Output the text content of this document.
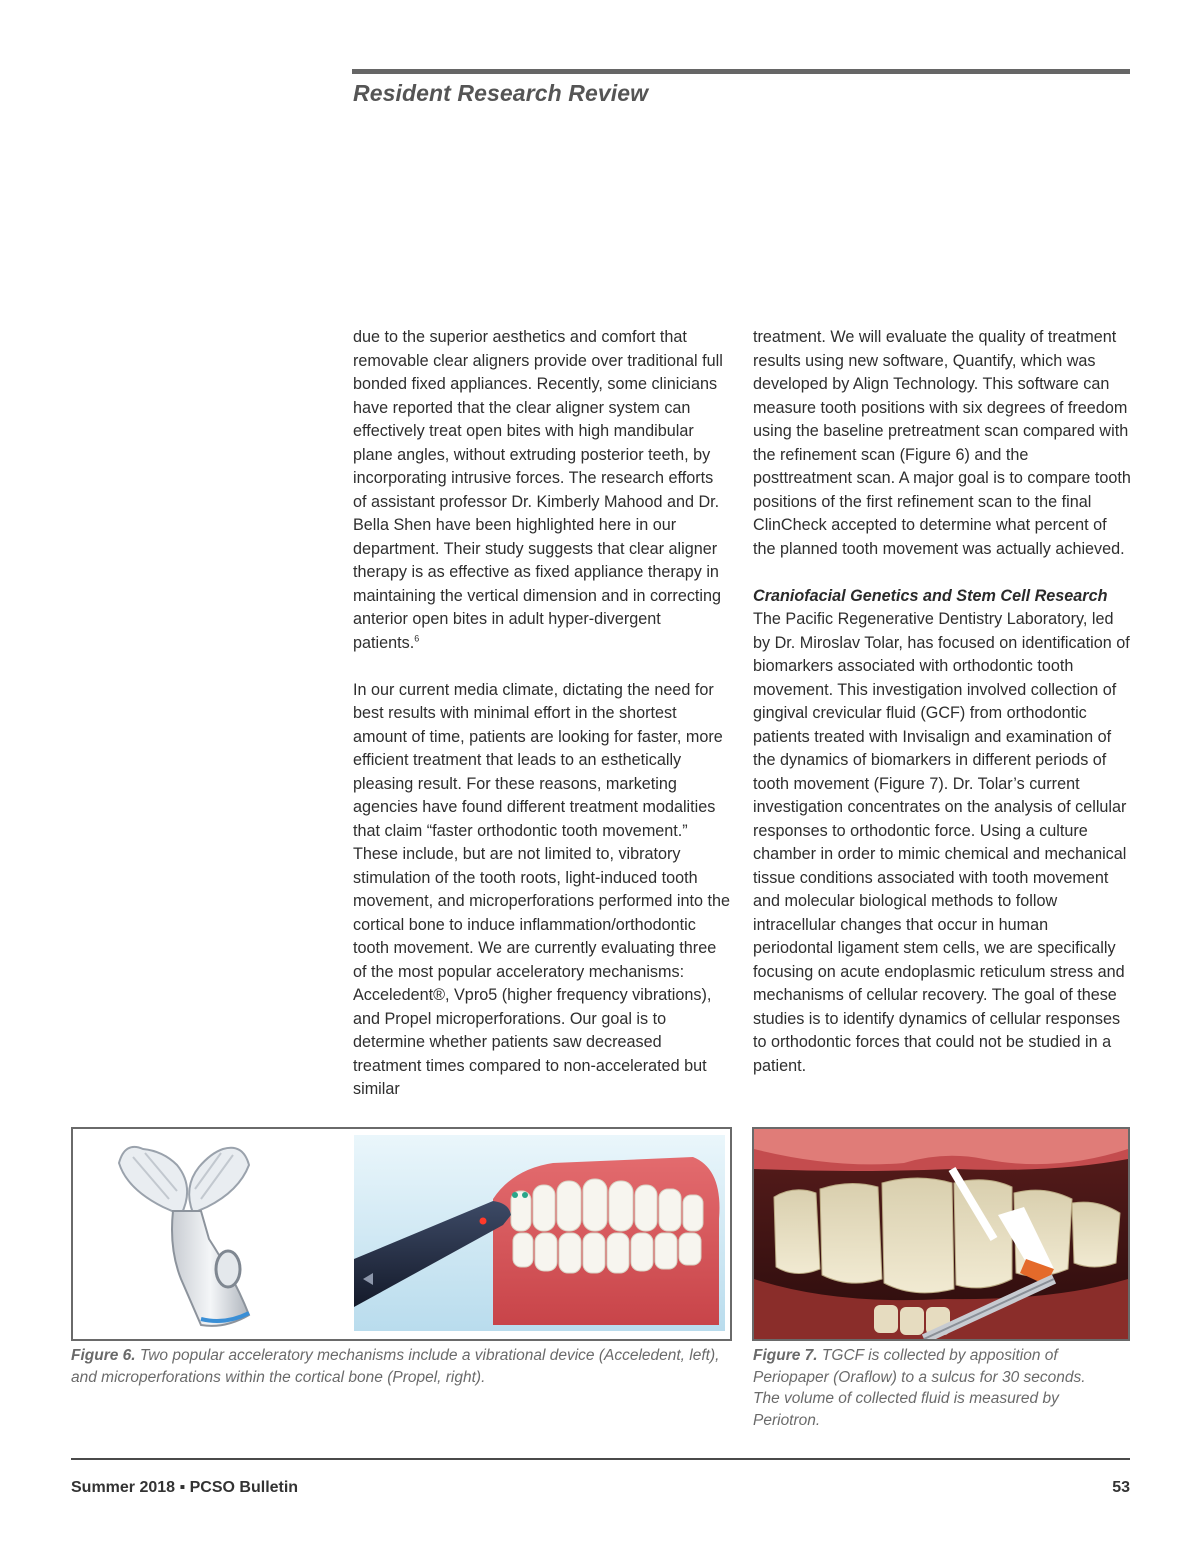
Resident Research Review

due to the superior aesthetics and comfort that removable clear aligners provide over traditional full bonded fixed appliances. Recently, some clinicians have reported that the clear aligner system can effectively treat open bites with high mandibular plane angles, without extruding posterior teeth, by incorporating intrusive forces. The research efforts of assistant professor Dr. Kimberly Mahood and Dr. Bella Shen have been highlighted here in our department. Their study suggests that clear aligner therapy is as effective as fixed appliance therapy in maintaining the vertical dimension and in correcting anterior open bites in adult hyper-divergent patients.$^6$

In our current media climate, dictating the need for best results with minimal effort in the shortest amount of time, patients are looking for faster, more efficient treatment that leads to an esthetically pleasing result. For these reasons, marketing agencies have found different treatment modalities that claim “faster orthodontic tooth movement.” These include, but are not limited to, vibratory stimulation of the tooth roots, light-induced tooth movement, and microperforations performed into the cortical bone to induce inflammation/orthodontic tooth movement. We are currently evaluating three of the most popular acceleratory mechanisms: Acceledent®, Vpro5 (higher frequency vibrations), and Propel microperforations. Our goal is to determine whether patients saw decreased treatment times compared to non-accelerated but similar

treatment. We will evaluate the quality of treatment results using new software, Quantify, which was developed by Align Technology. This software can measure tooth positions with six degrees of freedom using the baseline pretreatment scan compared with the refinement scan (Figure 6) and the posttreatment scan. A major goal is to compare tooth positions of the first refinement scan to the final ClinCheck accepted to determine what percent of the planned tooth movement was actually achieved.

Craniofacial Genetics and Stem Cell Research
The Pacific Regenerative Dentistry Laboratory, led by Dr. Miroslav Tolar, has focused on identification of biomarkers associated with orthodontic tooth movement. This investigation involved collection of gingival crevicular fluid (GCF) from orthodontic patients treated with Invisalign and examination of the dynamics of biomarkers in different periods of tooth movement (Figure 7). Dr. Tolar’s current investigation concentrates on the analysis of cellular responses to orthodontic force. Using a culture chamber in order to mimic chemical and mechanical tissue conditions associated with tooth movement and molecular biological methods to follow intracellular changes that occur in human periodontal ligament stem cells, we are specifically focusing on acute endoplasmic reticulum stress and mechanisms of cellular recovery. The goal of these studies is to identify dynamics of cellular responses to orthodontic forces that could not be studied in a patient.

Figure 6. Two popular acceleratory mechanisms include a vibrational device (Acceledent, left), and microperforations within the cortical bone (Propel, right).
Figure 7. TGCF is collected by apposition of Periopaper (Oraflow) to a sulcus for 30 seconds. The volume of collected fluid is measured by Periotron.
Summer 2018 ▪ PCSO Bulletin	53
